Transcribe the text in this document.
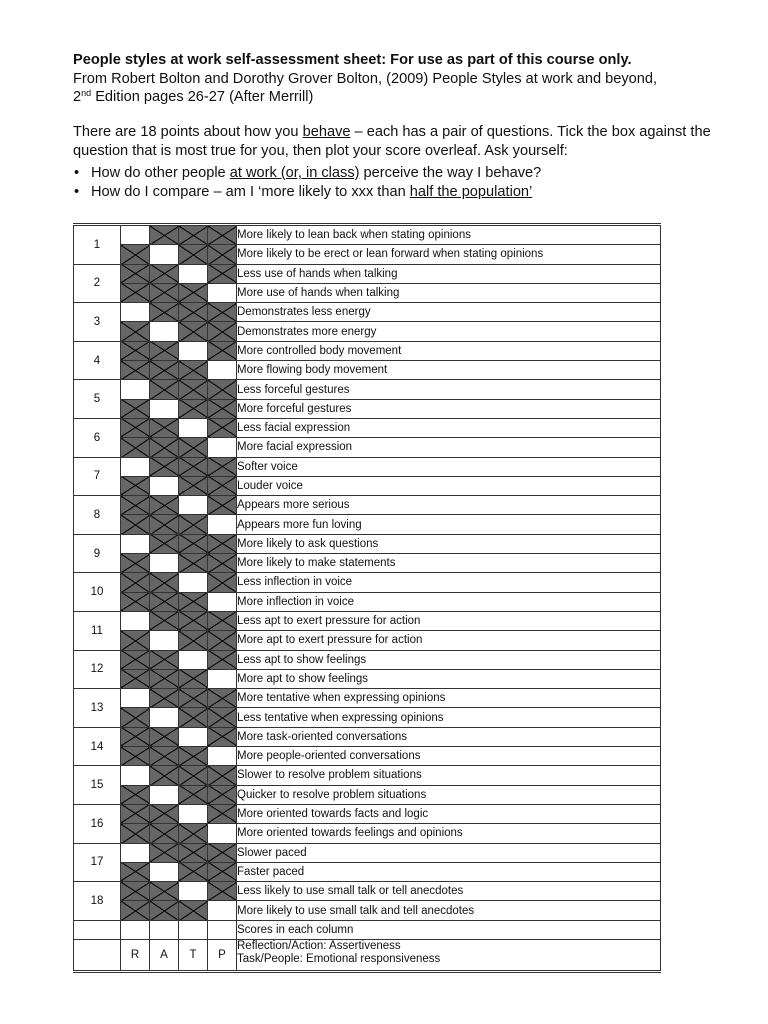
People styles at work self-assessment sheet: For use as part of this course only.
From Robert Bolton and Dorothy Grover Bolton, (2009) People Styles at work and beyond,
2nd Edition pages 26-27 (After Merrill)
There are 18 points about how you behave – each has a pair of questions. Tick the box against the question that is most true for you, then plot your score overleaf. Ask yourself:
• How do other people at work (or, in class) perceive the way I behave?
• How do I compare – am I ‘more likely to xxx than half the population’
1					More likely to lean back when stating opinions
					More likely to be erect or lean forward when stating opinions
2					Less use of hands when talking
					More use of hands when talking
3					Demonstrates less energy
					Demonstrates more energy
4					More controlled body movement
					More flowing body movement
5					Less forceful gestures
					More forceful gestures
6					Less facial expression
					More facial expression
7					Softer voice
					Louder voice
8					Appears more serious
					Appears more fun loving
9					More likely to ask questions
					More likely to make statements
10					Less inflection in voice
					More inflection in voice
11					Less apt to exert pressure for action
					More apt to exert pressure for action
12					Less apt to show feelings
					More apt to show feelings
13					More tentative when expressing opinions
					Less tentative when expressing opinions
14					More task-oriented conversations
					More people-oriented conversations
15					Slower to resolve problem situations
					Quicker to resolve problem situations
16					More oriented towards facts and logic
					More oriented towards feelings and opinions
17					Slower paced
					Faster paced
18					Less likely to use small talk or tell anecdotes
					More likely to use small talk and tell anecdotes
					Scores in each column
	R	A	T	P	Reflection/Action: Assertiveness
Task/People: Emotional responsiveness
